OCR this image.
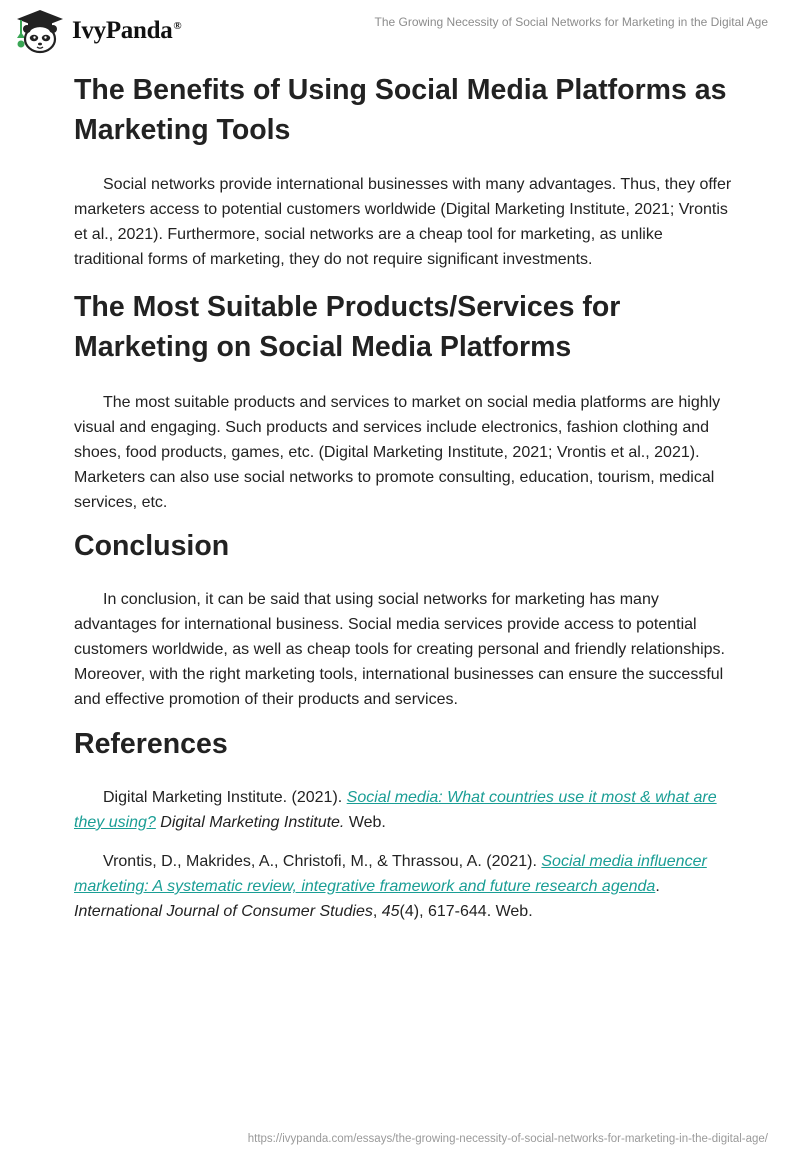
IvyPanda®	The Growing Necessity of Social Networks for Marketing in the Digital Age
The Benefits of Using Social Media Platforms as Marketing Tools

Social networks provide international businesses with many advantages. Thus, they offer marketers access to potential customers worldwide (Digital Marketing Institute, 2021; Vrontis et al., 2021). Furthermore, social networks are a cheap tool for marketing, as unlike traditional forms of marketing, they do not require significant investments.

The Most Suitable Products/Services for Marketing on Social Media Platforms

The most suitable products and services to market on social media platforms are highly visual and engaging. Such products and services include electronics, fashion clothing and shoes, food products, games, etc. (Digital Marketing Institute, 2021; Vrontis et al., 2021). Marketers can also use social networks to promote consulting, education, tourism, medical services, etc.

Conclusion

In conclusion, it can be said that using social networks for marketing has many advantages for international business. Social media services provide access to potential customers worldwide, as well as cheap tools for creating personal and friendly relationships. Moreover, with the right marketing tools, international businesses can ensure the successful and effective promotion of their products and services.

References

Digital Marketing Institute. (2021). Social media: What countries use it most & what are they using? Digital Marketing Institute. Web.

Vrontis, D., Makrides, A., Christofi, M., & Thrassou, A. (2021). Social media influencer marketing: A systematic review, integrative framework and future research agenda. International Journal of Consumer Studies, 45(4), 617-644. Web.

https://ivypanda.com/essays/the-growing-necessity-of-social-networks-for-marketing-in-the-digital-age/
